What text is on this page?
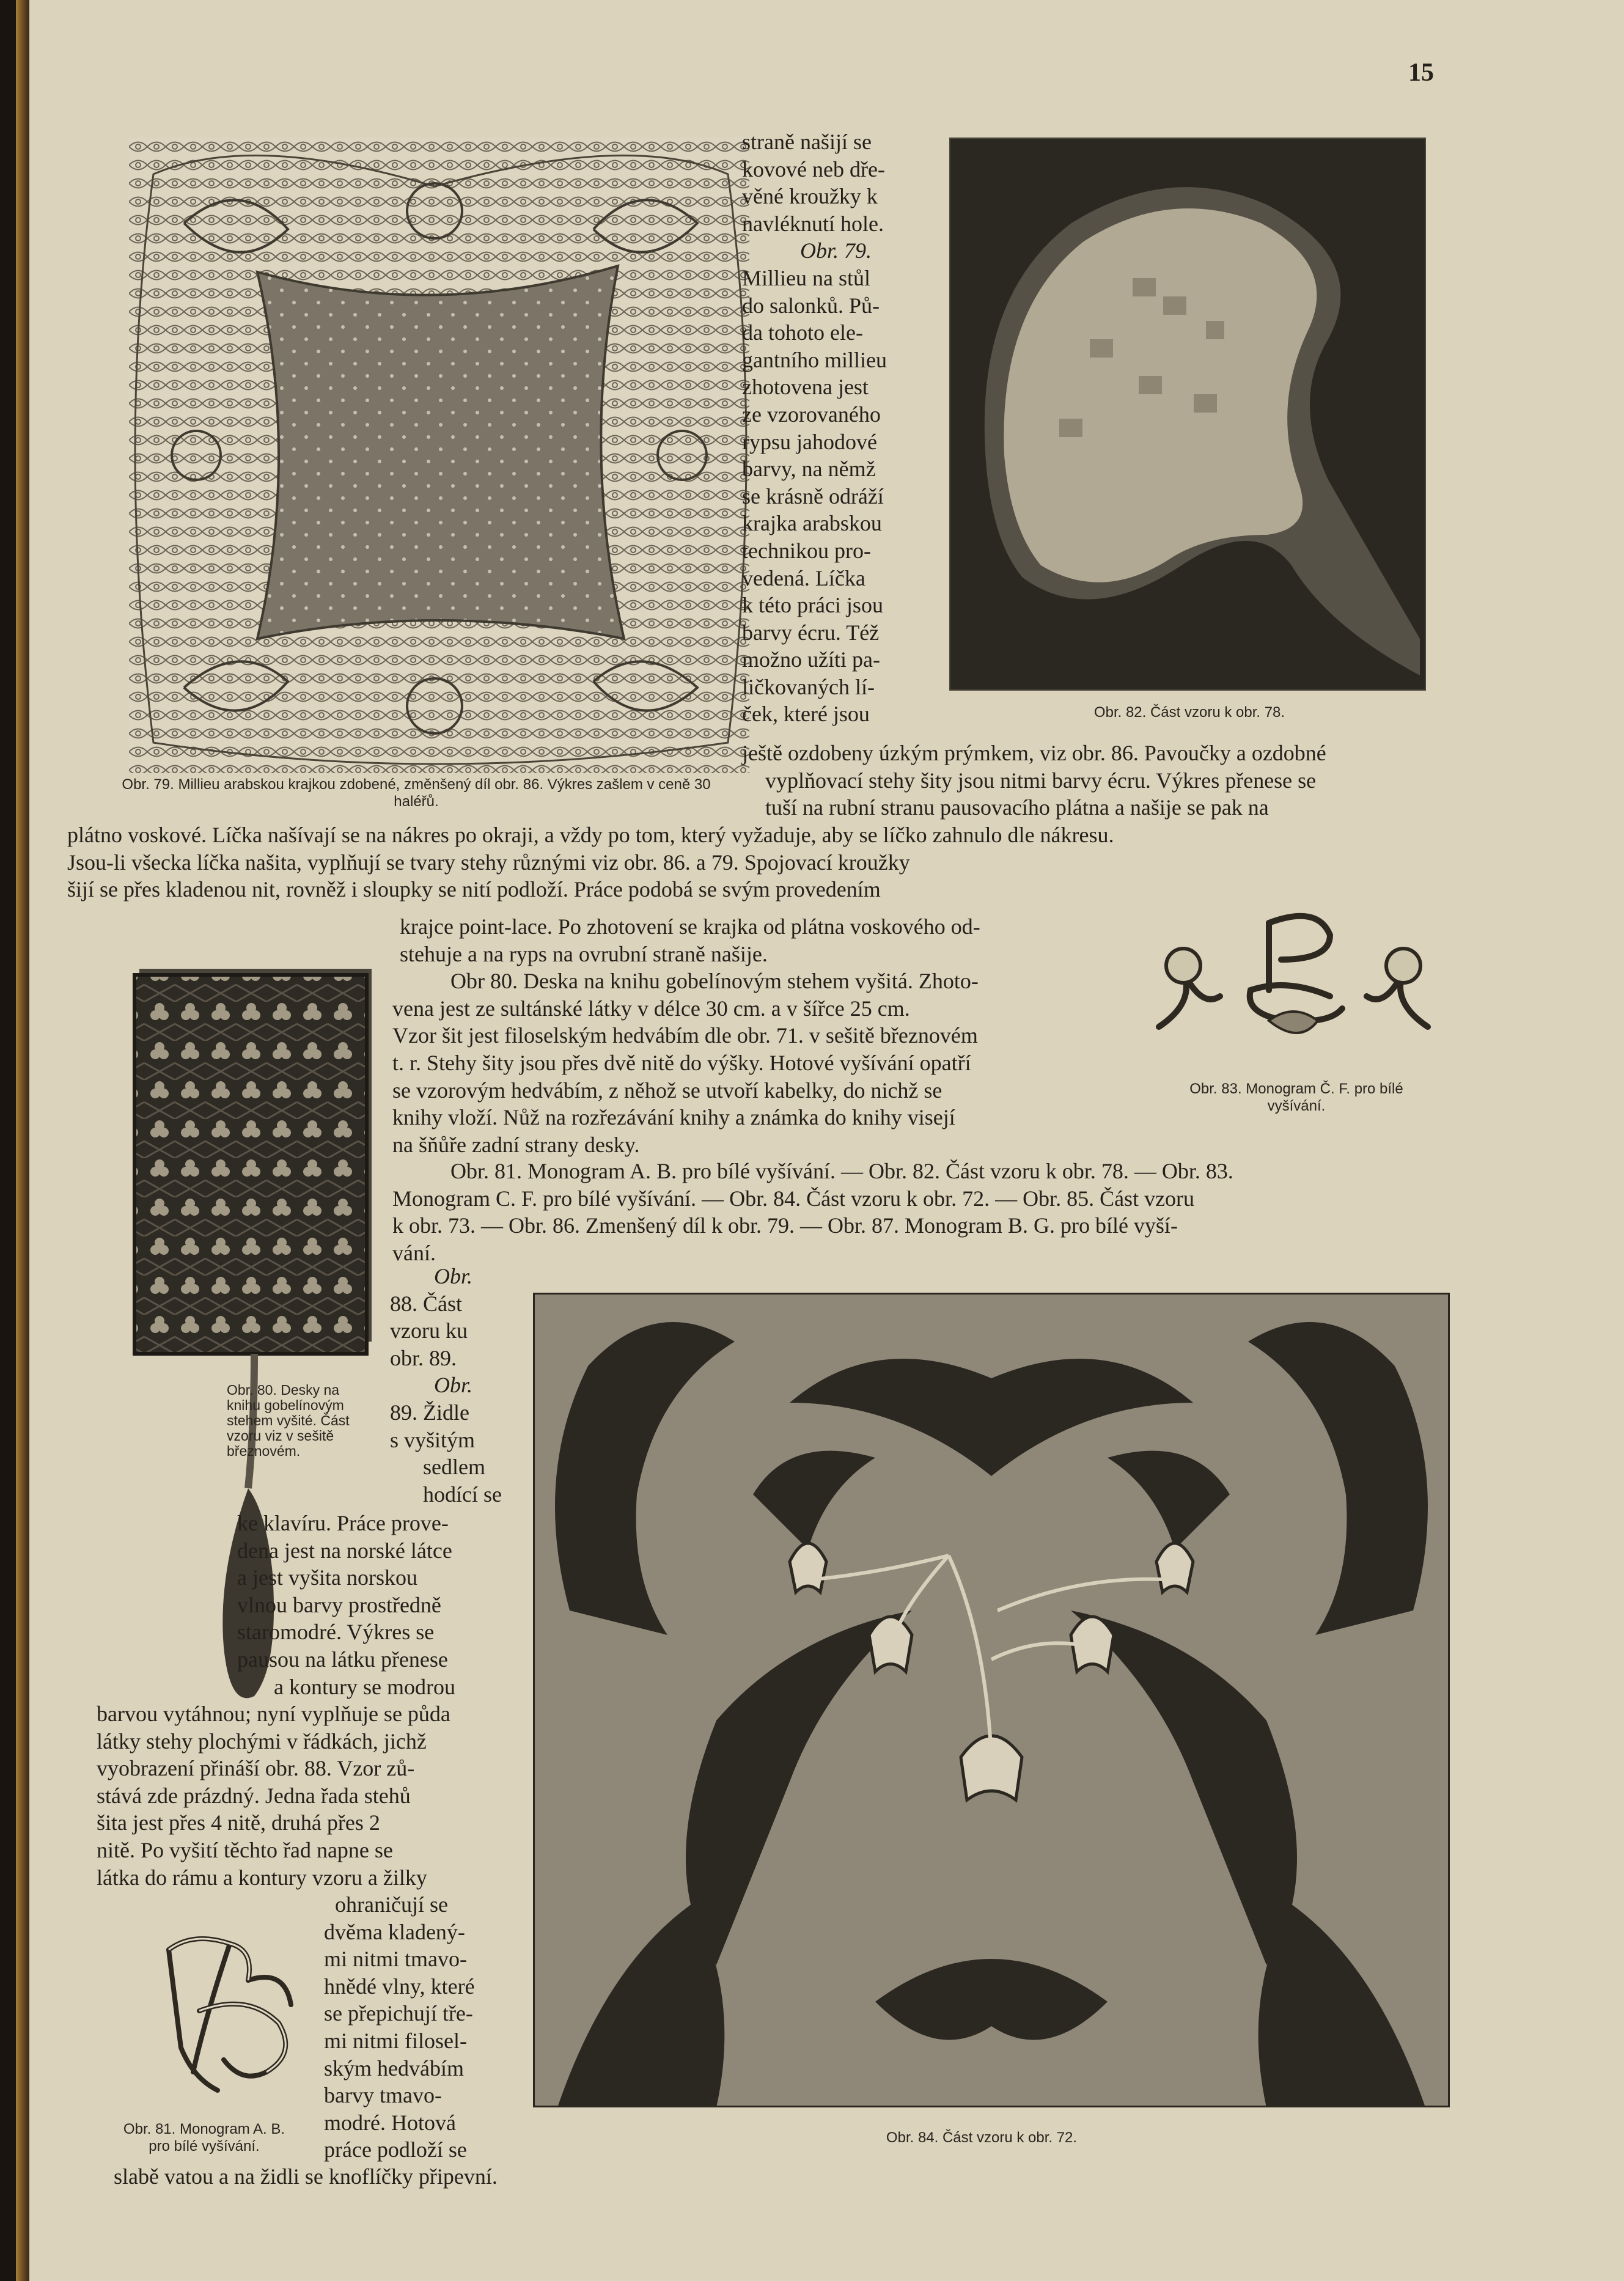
15

Obr. 79. Millieu arabskou krajkou zdobené, změnšený díl obr. 86. Výkres zašlem v ceně 30 haléřů.

straně našijí se
kovové neb dře-
věné kroužky k
navléknutí hole.
Obr. 79.
Millieu na stůl
do salonků. Pů-
da tohoto ele-
gantního millieu
zhotovena jest
ze vzorovaného
rypsu jahodové
barvy, na němž
se krásně odráží
krajka arabskou
technikou pro-
vedená. Líčka
k této práci jsou
barvy écru. Též
možno užíti pa-
ličkovaných lí-
ček, které jsou	Obr. 82. Část vzoru k obr. 78.

ještě ozdobeny úzkým prýmkem, viz obr. 86. Pavoučky a ozdobné
vyplňovací stehy šity jsou nitmi barvy écru. Výkres přenese se
tuší na rubní stranu pausovacího plátna a našije se pak na
plátno voskové. Líčka našívají se na nákres po okraji, a vždy po tom, který vyžaduje, aby se líčko zahnulo dle nákresu.
Jsou-li všecka líčka našita, vyplňují se tvary stehy různými viz obr. 86. a 79. Spojovací kroužky
šijí se přes kladenou nit, rovněž i sloupky se nití podloží. Práce podobá se svým provedením

Obr. 80. Desky na knihu gobelínovým stehem vyšité. Část vzoru viz v sešitě březnovém.

krajce point-lace. Po zhotovení se krajka od plátna voskového od-
stehuje a na ryps na ovrubní straně našije.
Obr 80. Deska na knihu gobelínovým stehem vyšitá. Zhoto-
vena jest ze sultánské látky v délce 30 cm. a v šířce 25 cm.
Vzor šit jest filoselským hedvábím dle obr. 71. v sešitě březnovém
t. r. Stehy šity jsou přes dvě nitě do výšky. Hotové vyšívání opatří
se vzorovým hedvábím, z něhož se utvoří kabelky, do nichž se
knihy vloží. Nůž na rozřezávání knihy a známka do knihy visejí
na šňůře zadní strany desky.

Obr. 83. Monogram Č. F. pro bílé vyšívání.

Obr. 81. Monogram A. B. pro bílé vyšívání. — Obr. 82. Část vzoru k obr. 78. — Obr. 83.
Monogram C. F. pro bílé vyšívání. — Obr. 84. Část vzoru k obr. 72. — Obr. 85. Část vzoru
k obr. 73. — Obr. 86. Zmenšený díl k obr. 79. — Obr. 87. Monogram B. G. pro bílé vyší-
vání.

Obr. 84. Část vzoru k obr. 72.

Obr.
88. Část
vzoru ku
obr. 89.
Obr.
89. Židle
s vyšitým
sedlem
hodící se
ke klavíru. Práce prove-
dena jest na norské látce
a jest vyšita norskou
vlnou barvy prostředně
staromodré. Výkres se
pausou na látku přenese
a kontury se modrou
barvou vytáhnou; nyní vyplňuje se půda
látky stehy plochými v řádkách, jichž
vyobrazení přináší obr. 88. Vzor zů-
stává zde prázdný. Jedna řada stehů
šita jest přes 4 nitě, druhá přes 2
nitě. Po vyšití těchto řad napne se
látka do rámu a kontury vzoru a žilky

Obr. 81. Monogram A. B. pro bílé vyšívání.

ohraničují se
dvěma kladený-
mi nitmi tmavo-
hnědé vlny, které
se přepichují tře-
mi nitmi filosel-
ským hedvábím
barvy tmavo-
modré. Hotová
práce podloží se
slabě vatou a na židli se knoflíčky připevní.
